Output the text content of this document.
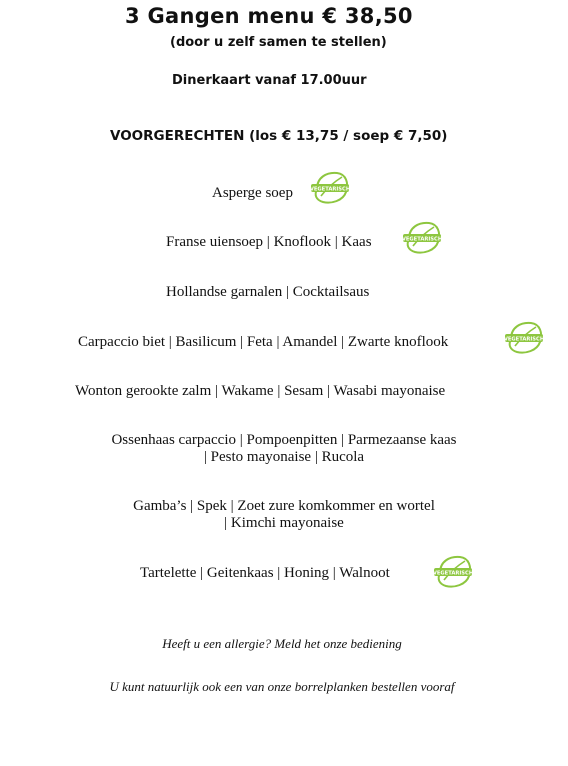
3 Gangen menu € 38,50
(door u zelf samen te stellen)
Dinerkaart vanaf 17.00uur
VOORGERECHTEN (los € 13,75 / soep € 7,50)
Asperge soep
Franse uiensoep | Knoflook | Kaas
Hollandse garnalen | Cocktailsaus
Carpaccio biet | Basilicum | Feta | Amandel | Zwarte knoflook
Wonton gerookte zalm | Wakame | Sesam | Wasabi mayonaise
Ossenhaas carpaccio | Pompoenpitten | Parmezaanse kaas
| Pesto mayonaise | Rucola
Gamba’s | Spek | Zoet zure komkommer en wortel
| Kimchi mayonaise
Tartelette | Geitenkaas | Honing | Walnoot
VEGETARISCH
VEGETARISCH
VEGETARISCH
VEGETARISCH
Heeft u een allergie? Meld het onze bediening
U kunt natuurlijk ook een van onze borrelplanken bestellen vooraf
